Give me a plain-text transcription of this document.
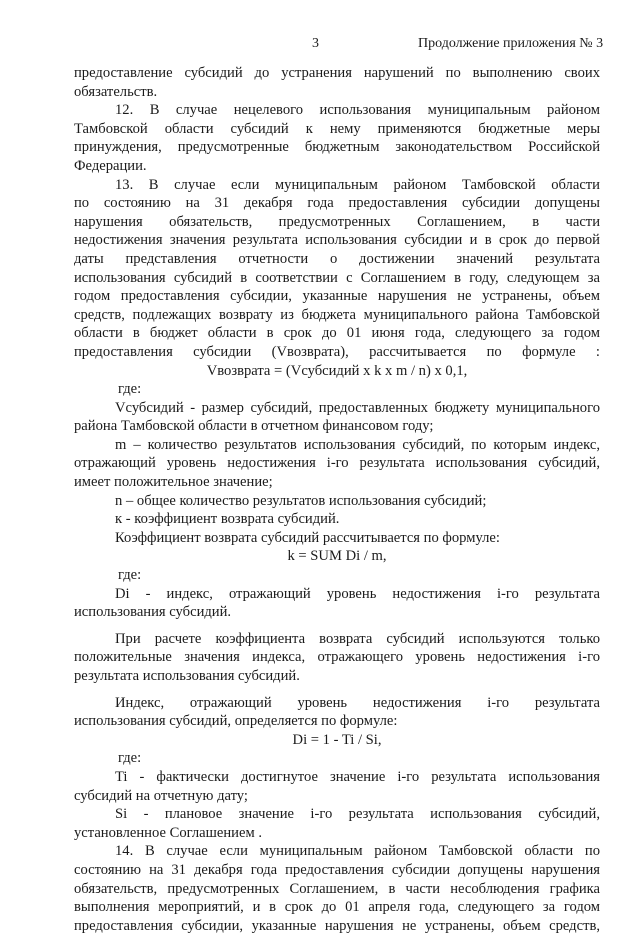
3	Продолжение приложения № 3
предоставление субсидий до устранения нарушений по выполнению своих
обязательств.
12. В случае нецелевого использования муниципальным районом
Тамбовской области субсидий к нему применяются бюджетные меры
принуждения, предусмотренные бюджетным законодательством Российской
Федерации.
13. В случае если муниципальным районом Тамбовской области
по состоянию на 31 декабря года предоставления субсидии допущены
нарушения обязательств, предусмотренных Соглашением, в части
недостижения значения результата использования субсидии и в срок до первой
даты представления отчетности о достижении значений результата
использования субсидий в соответствии с Соглашением в году, следующем за
годом предоставления субсидии, указанные нарушения не устранены, объем
средств, подлежащих возврату из бюджета муниципального района Тамбовской
области в бюджет области в срок до 01 июня года, следующего за годом
предоставления субсидии (Vвозврата), рассчитывается по формуле :
Vвозврата = (Vсубсидий x k x m / n) x 0,1,
где:
Vсубсидий - размер субсидий, предоставленных бюджету муниципального
района Тамбовской области в отчетном финансовом году;
m – количество результатов использования субсидий, по которым индекс,
отражающий уровень недостижения i-го результата использования субсидий,
имеет положительное значение;
n – общее количество результатов использования субсидий;
к - коэффициент возврата субсидий.
Коэффициент возврата субсидий рассчитывается по формуле:
k = SUM Di / m,
где:
Di - индекс, отражающий уровень недостижения i-го результата
использования субсидий.
При расчете коэффициента возврата субсидий используются только
положительные значения индекса, отражающего уровень недостижения i-го
результата использования субсидий.
Индекс, отражающий уровень недостижения i-го результата
использования субсидий, определяется по формуле:
Di = 1 - Ti / Si,
где:
Ti - фактически достигнутое значение i-го результата использования
субсидий на отчетную дату;
Si - плановое значение i-го результата использования субсидий,
установленное Соглашением .
14. В случае если муниципальным районом Тамбовской области по
состоянию на 31 декабря года предоставления субсидии допущены нарушения
обязательств, предусмотренных Соглашением, в части несоблюдения графика
выполнения мероприятий, и в срок до 01 апреля года, следующего за годом
предоставления субсидии, указанные нарушения не устранены, объем средств,
